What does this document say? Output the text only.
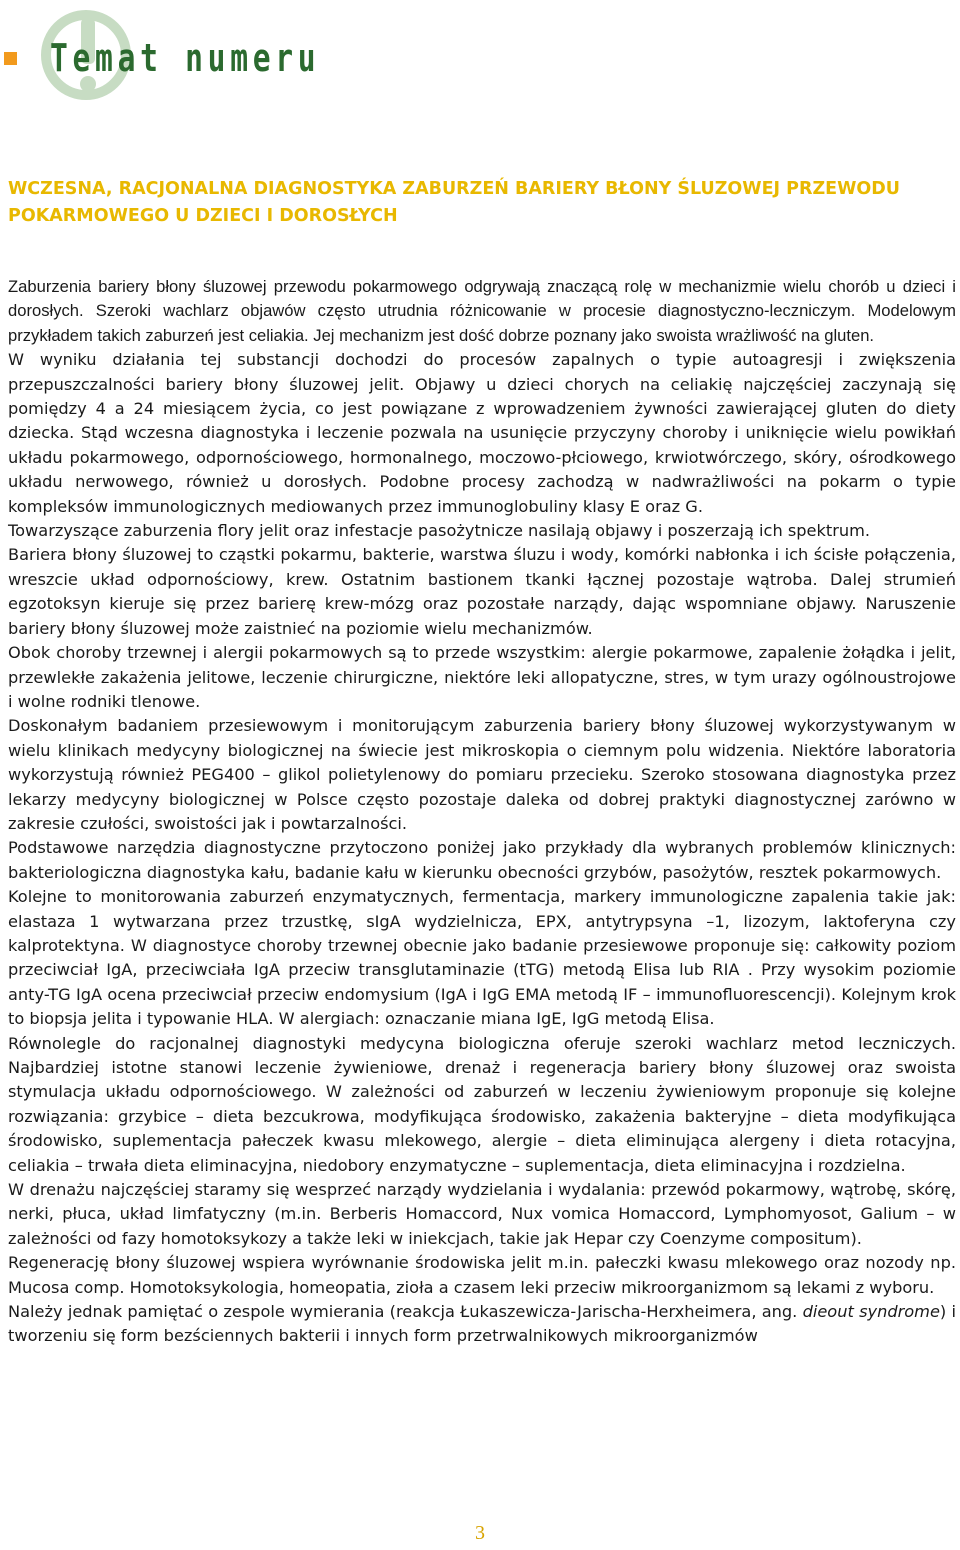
Temat numeru
WCZESNA, RACJONALNA DIAGNOSTYKA ZABURZEŃ BARIERY BŁONY ŚLUZOWEJ PRZEWODU POKARMOWEGO U DZIECI I DOROSŁYCH

Zaburzenia bariery błony śluzowej przewodu pokarmowego odgrywają znaczącą rolę w mechanizmie wielu chorób u dzieci i dorosłych. Szeroki wachlarz objawów często utrudnia różnicowanie w procesie diagnostyczno-leczniczym. Modelowym przykładem takich zaburzeń jest celiakia. Jej mechanizm jest dość dobrze poznany jako swoista wrażliwość na gluten.

W wyniku działania tej substancji dochodzi do procesów zapalnych o typie autoagresji i zwiększenia przepuszczalności bariery błony śluzowej jelit. Objawy u dzieci chorych na celiakię najczęściej zaczynają się pomiędzy 4 a 24 miesiącem życia, co jest powiązane z wprowadzeniem żywności zawierającej gluten do diety dziecka. Stąd wczesna diagnostyka i leczenie pozwala na usunięcie przyczyny choroby i uniknięcie wielu powikłań układu pokarmowego, odpornościowego, hormonalnego, moczowo-płciowego, krwiotwórczego, skóry, ośrodkowego układu nerwowego, również u dorosłych. Podobne procesy zachodzą w nadwrażliwości na pokarm o typie kompleksów immunologicznych mediowanych przez immunoglobuliny klasy E oraz G.

Towarzyszące zaburzenia flory jelit oraz infestacje pasożytnicze nasilają objawy i poszerzają ich spektrum.

Bariera błony śluzowej to cząstki pokarmu, bakterie, warstwa śluzu i wody, komórki nabłonka i ich ścisłe połączenia, wreszcie układ odpornościowy, krew. Ostatnim bastionem tkanki łącznej pozostaje wątroba. Dalej strumień egzotoksyn kieruje się przez barierę krew-mózg oraz pozostałe narządy, dając wspomniane objawy. Naruszenie bariery błony śluzowej może zaistnieć na poziomie wielu mechanizmów.

Obok choroby trzewnej i alergii pokarmowych są to przede wszystkim: alergie pokarmowe, zapalenie żołądka i jelit, przewlekłe zakażenia jelitowe, leczenie chirurgiczne, niektóre leki allopatyczne, stres, w tym urazy ogólnoustrojowe i wolne rodniki tlenowe.

Doskonałym badaniem przesiewowym i monitorującym zaburzenia bariery błony śluzowej wykorzystywanym w wielu klinikach medycyny biologicznej na świecie jest mikroskopia o ciemnym polu widzenia. Niektóre laboratoria wykorzystują również PEG400 – glikol polietylenowy do pomiaru przecieku. Szeroko stosowana diagnostyka przez lekarzy medycyny biologicznej w Polsce często pozostaje daleka od dobrej praktyki diagnostycznej zarówno w zakresie czułości, swoistości jak i powtarzalności.

Podstawowe narzędzia diagnostyczne przytoczono poniżej jako przykłady dla wybranych problemów klinicznych: bakteriologiczna diagnostyka kału, badanie kału w kierunku obecności grzybów, pasożytów, resztek pokarmowych.

Kolejne to monitorowania zaburzeń enzymatycznych, fermentacja, markery immunologiczne zapalenia takie jak: elastaza 1 wytwarzana przez trzustkę, sIgA wydzielnicza, EPX, antytrypsyna –1, lizozym, laktoferyna czy kalprotektyna. W diagnostyce choroby trzewnej obecnie jako badanie przesiewowe proponuje się: całkowity poziom przeciwciał IgA, przeciwciała IgA przeciw transglutaminazie (tTG) metodą Elisa lub RIA . Przy wysokim poziomie anty-TG IgA ocena przeciwciał przeciw endomysium (IgA i IgG EMA metodą IF – immunofluorescencji). Kolejnym krok to biopsja jelita i typowanie HLA. W alergiach: oznaczanie miana IgE, IgG metodą Elisa.

Równolegle do racjonalnej diagnostyki medycyna biologiczna oferuje szeroki wachlarz metod leczniczych. Najbardziej istotne stanowi leczenie żywieniowe, drenaż i regeneracja bariery błony śluzowej oraz swoista stymulacja układu odpornościowego. W zależności od zaburzeń w leczeniu żywieniowym proponuje się kolejne rozwiązania: grzybice – dieta bezcukrowa, modyfikująca środowisko, zakażenia bakteryjne – dieta modyfikująca środowisko, suplementacja pałeczek kwasu mlekowego, alergie – dieta eliminująca alergeny i dieta rotacyjna, celiakia – trwała dieta eliminacyjna, niedobory enzymatyczne – suplementacja, dieta eliminacyjna i rozdzielna.

W drenażu najczęściej staramy się wesprzeć narządy wydzielania i wydalania: przewód pokarmowy, wątrobę, skórę, nerki, płuca, układ limfatyczny (m.in. Berberis Homaccord, Nux vomica Homaccord, Lymphomyosot, Galium – w zależności od fazy homotoksykozy a także leki w iniekcjach, takie jak Hepar czy Coenzyme compositum).

Regenerację błony śluzowej wspiera wyrównanie środowiska jelit m.in. pałeczki kwasu mlekowego oraz nozody np. Mucosa comp. Homotoksykologia, homeopatia, zioła a czasem leki przeciw mikroorganizmom są lekami z wyboru.

Należy jednak pamiętać o zespole wymierania (reakcja Łukaszewicza-Jarischa-Herxheimera, ang. dieout syndrome) i tworzeniu się form bezściennych bakterii i innych form przetrwalnikowych mikroorganizmów

3
